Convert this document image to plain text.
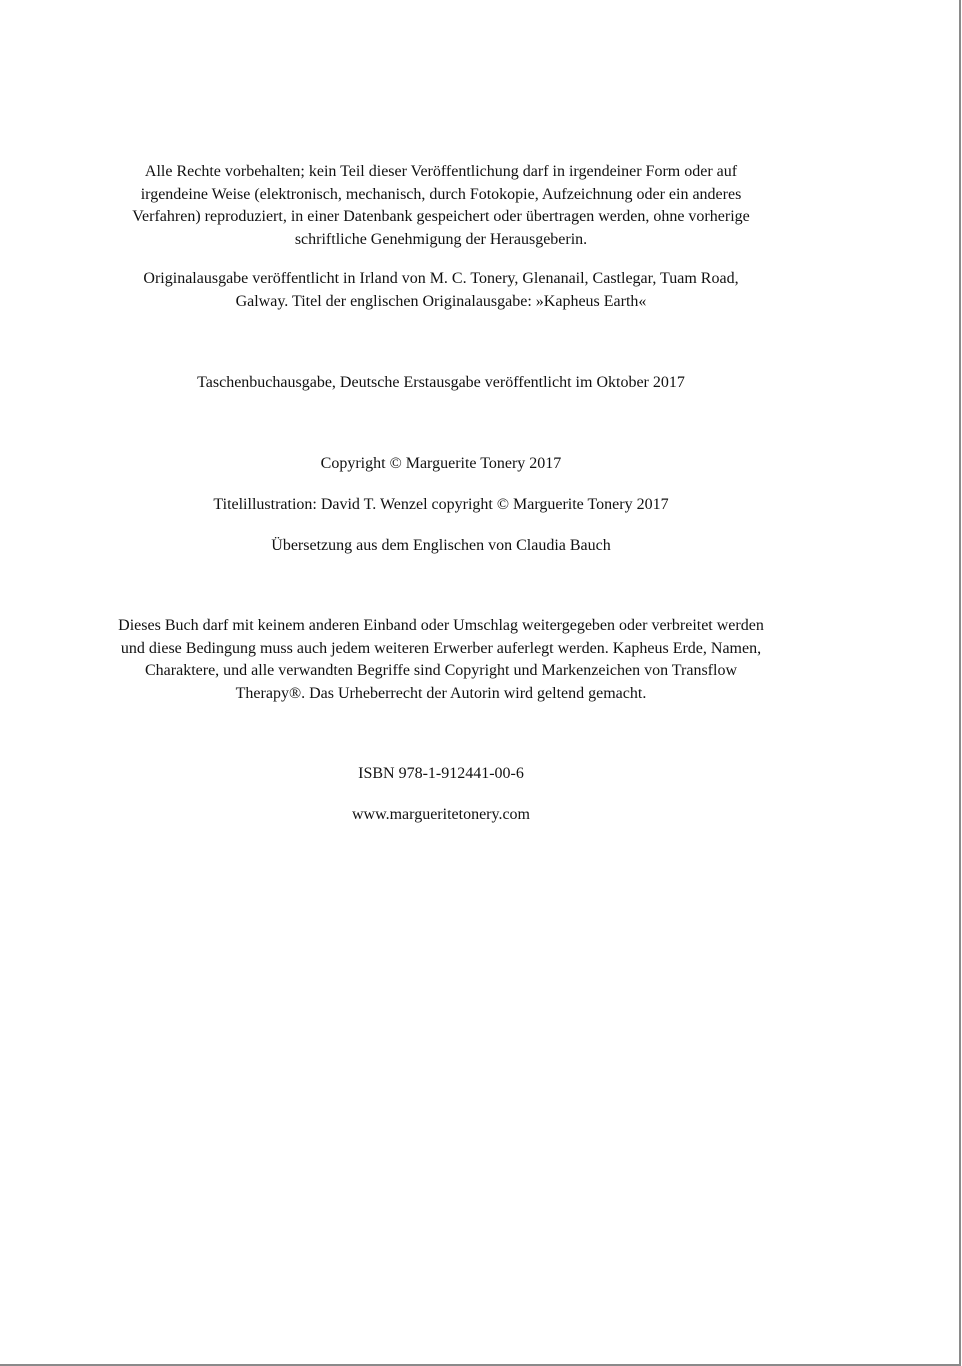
Alle Rechte vorbehalten; kein Teil dieser Veröffentlichung darf in irgendeiner Form oder auf
irgendeine Weise (elektronisch, mechanisch, durch Fotokopie, Aufzeichnung oder ein anderes
Verfahren) reproduziert, in einer Datenbank gespeichert oder übertragen werden, ohne vorherige
schriftliche Genehmigung der Herausgeberin.

Originalausgabe veröffentlicht in Irland von M. C. Tonery, Glenanail, Castlegar, Tuam Road,
Galway. Titel der englischen Originalausgabe: »Kapheus Earth«

Taschenbuchausgabe, Deutsche Erstausgabe veröffentlicht im Oktober 2017

Copyright © Marguerite Tonery 2017

Titelillustration: David T. Wenzel copyright © Marguerite Tonery 2017

Übersetzung aus dem Englischen von Claudia Bauch

Dieses Buch darf mit keinem anderen Einband oder Umschlag weitergegeben oder verbreitet werden
und diese Bedingung muss auch jedem weiteren Erwerber auferlegt werden. Kapheus Erde, Namen,
Charaktere, und alle verwandten Begriffe sind Copyright und Markenzeichen von Transflow
Therapy®. Das Urheberrecht der Autorin wird geltend gemacht.

ISBN 978-1-912441-00-6

www.margueritetonery.com
